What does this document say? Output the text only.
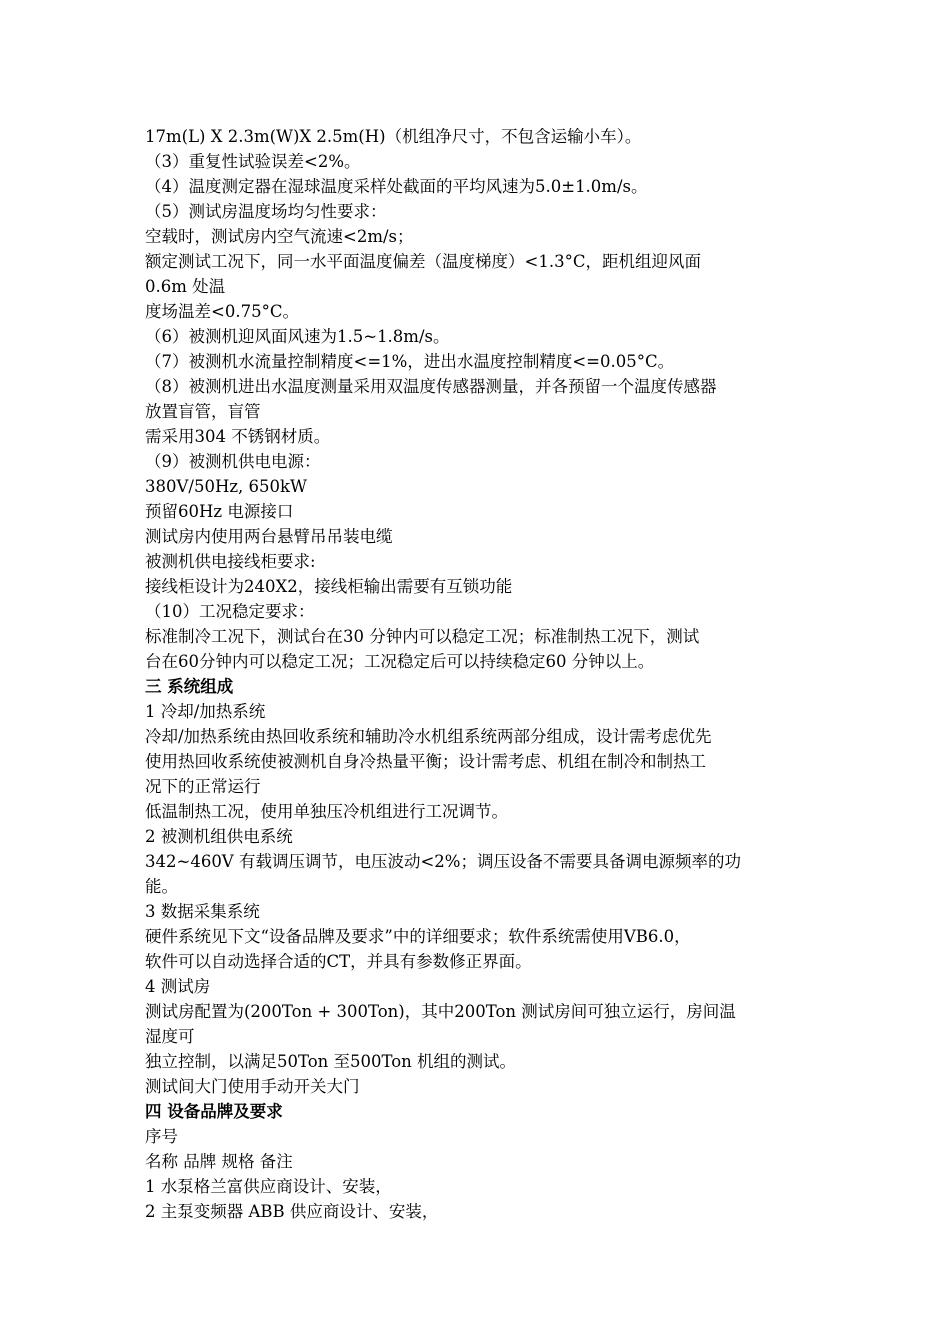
17m(L) X 2.3m(W)X 2.5m(H)（机组净尺寸，不包含运输小车）。
（3）重复性试验误差<2%。
（4）温度测定器在湿球温度采样处截面的平均风速为5.0±1.0m/s。
（5）测试房温度场均匀性要求：
空载时，测试房内空气流速<2m/s；
额定测试工况下，同一水平面温度偏差（温度梯度）<1.3°C，距机组迎风面
0.6m 处温
度场温差<0.75°C。
（6）被测机迎风面风速为1.5~1.8m/s。
（7）被测机水流量控制精度<=1%，进出水温度控制精度<=0.05°C。
（8）被测机进出水温度测量采用双温度传感器测量，并各预留一个温度传感器
放置盲管，盲管
需采用304 不锈钢材质。
（9）被测机供电电源：
380V/50Hz, 650kW
预留60Hz 电源接口
测试房内使用两台悬臂吊吊装电缆
被测机供电接线柜要求:
接线柜设计为240X2，接线柜输出需要有互锁功能
（10）工况稳定要求：
标准制冷工况下，测试台在30 分钟内可以稳定工况；标准制热工况下，测试
台在60分钟内可以稳定工况；工况稳定后可以持续稳定60 分钟以上。
三 系统组成
1 冷却/加热系统
冷却/加热系统由热回收系统和辅助冷水机组系统两部分组成，设计需考虑优先
使用热回收系统使被测机自身冷热量平衡；设计需考虑、机组在制冷和制热工
况下的正常运行
低温制热工况，使用单独压冷机组进行工况调节。
2 被测机组供电系统
342~460V 有载调压调节，电压波动<2%；调压设备不需要具备调电源频率的功
能。
3 数据采集系统
硬件系统见下文“设备品牌及要求”中的详细要求；软件系统需使用VB6.0，
软件可以自动选择合适的CT，并具有参数修正界面。
4 测试房
测试房配置为(200Ton + 300Ton)，其中200Ton 测试房间可独立运行，房间温
湿度可
独立控制，以满足50Ton 至500Ton 机组的测试。
测试间大门使用手动开关大门
四 设备品牌及要求
序号
名称 品牌 规格 备注
1 水泵格兰富供应商设计、安装，
2 主泵变频器 ABB 供应商设计、安装，
